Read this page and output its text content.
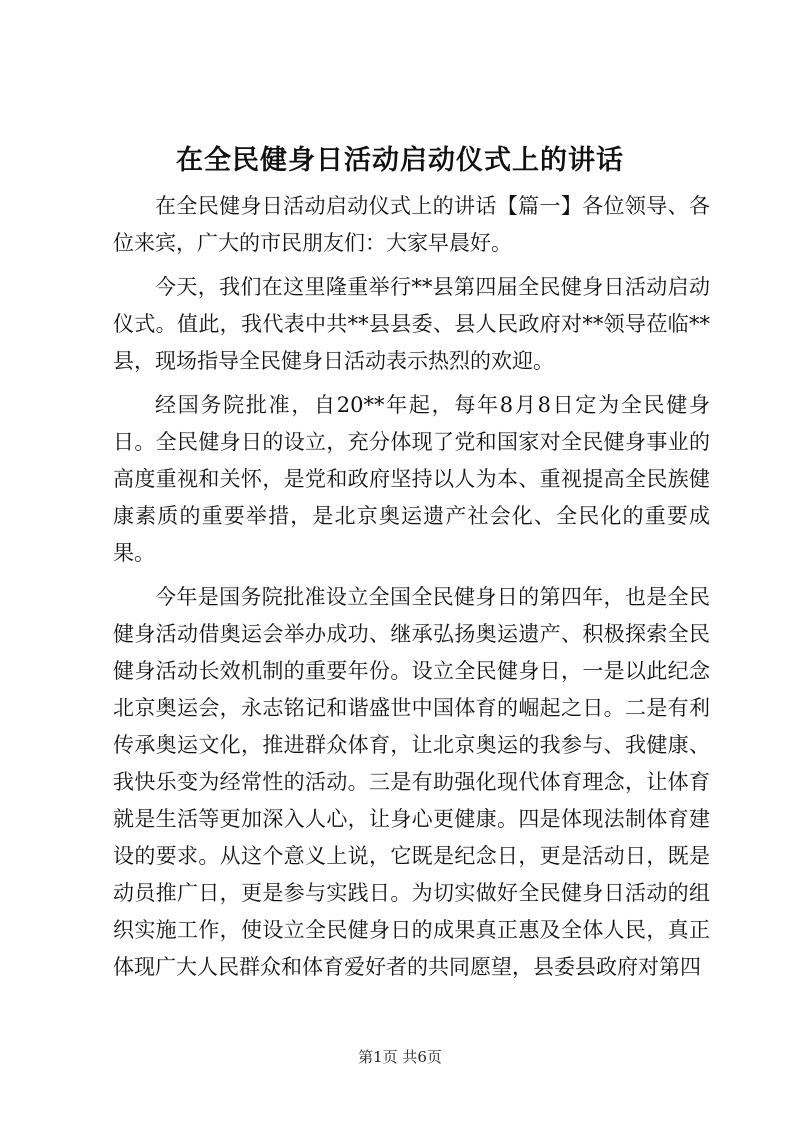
在全民健身日活动启动仪式上的讲话

在全民健身日活动启动仪式上的讲话【篇一】各位领导、各位来宾，广大的市民朋友们：大家早晨好。

今天，我们在这里隆重举行**县第四届全民健身日活动启动仪式。值此，我代表中共**县县委、县人民政府对**领导莅临**县，现场指导全民健身日活动表示热烈的欢迎。

经国务院批准，自20**年起，每年8月8日定为全民健身日。全民健身日的设立，充分体现了党和国家对全民健身事业的高度重视和关怀，是党和政府坚持以人为本、重视提高全民族健康素质的重要举措，是北京奥运遗产社会化、全民化的重要成果。

今年是国务院批准设立全国全民健身日的第四年，也是全民健身活动借奥运会举办成功、继承弘扬奥运遗产、积极探索全民健身活动长效机制的重要年份。设立全民健身日，一是以此纪念北京奥运会，永志铭记和谐盛世中国体育的崛起之日。二是有利传承奥运文化，推进群众体育，让北京奥运的我参与、我健康、我快乐变为经常性的活动。三是有助强化现代体育理念，让体育就是生活等更加深入人心，让身心更健康。四是体现法制体育建设的要求。从这个意义上说，它既是纪念日，更是活动日，既是动员推广日，更是参与实践日。为切实做好全民健身日活动的组织实施工作，使设立全民健身日的成果真正惠及全体人民，真正体现广大人民群众和体育爱好者的共同愿望，县委县政府对第四

第1页 共6页
